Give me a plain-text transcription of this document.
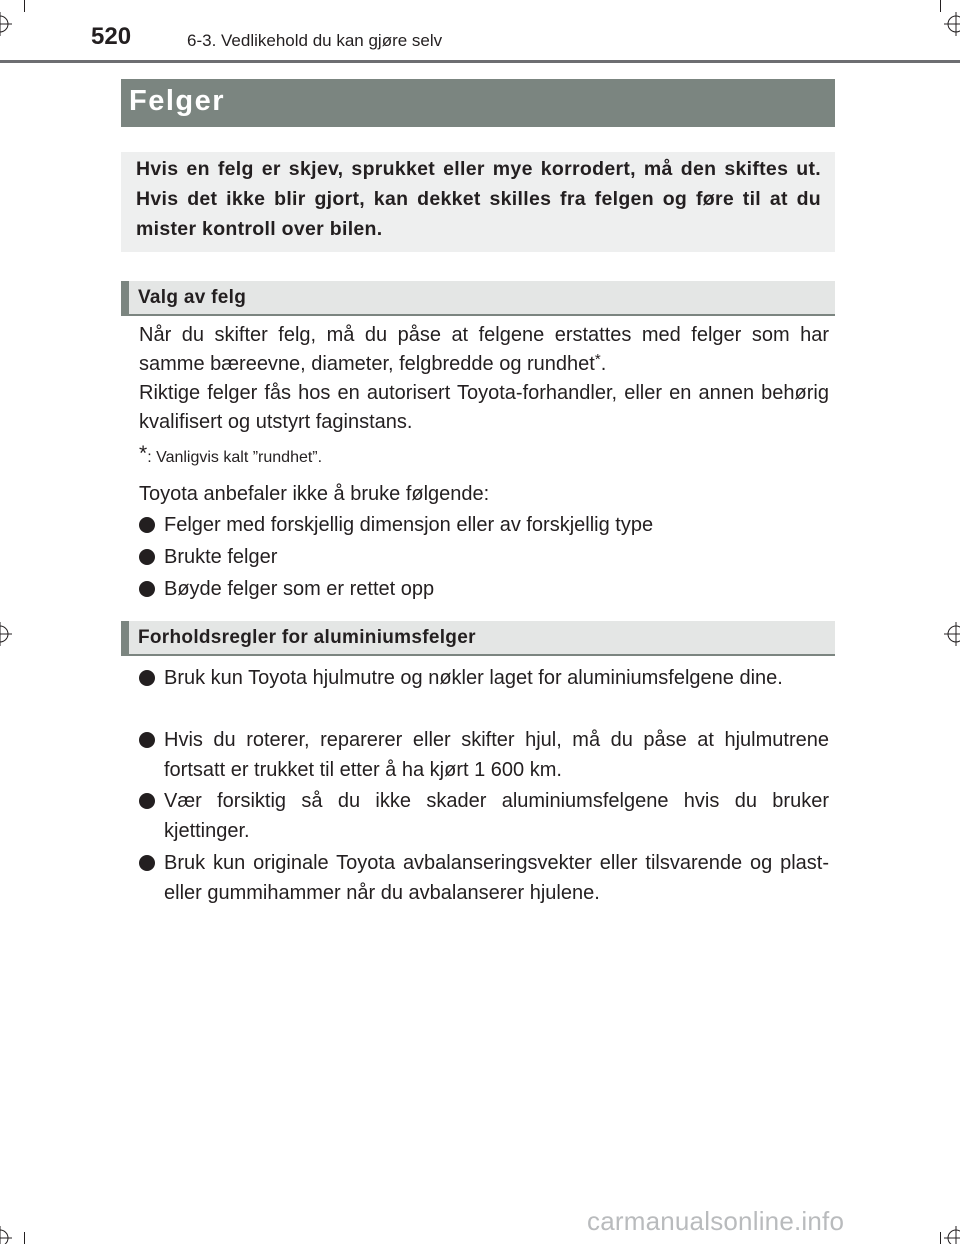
520	6-3. Vedlikehold du kan gjøre selv
Felger
Hvis en felg er skjev, sprukket eller mye korrodert, må den skiftes ut. Hvis det ikke blir gjort, kan dekket skilles fra felgen og føre til at du mister kontroll over bilen.
Valg av felg
Når du skifter felg, må du påse at felgene erstattes med felger som har samme bæreevne, diameter, felgbredde og rundhet*.
Riktige felger fås hos en autorisert Toyota-forhandler, eller en annen behørig kvalifisert og utstyrt faginstans.
*: Vanligvis kalt ”rundhet”.
Toyota anbefaler ikke å bruke følgende:
Felger med forskjellig dimensjon eller av forskjellig type
Brukte felger
Bøyde felger som er rettet opp
Forholdsregler for aluminiumsfelger
Bruk kun Toyota hjulmutre og nøkler laget for aluminiumsfelgene dine.
Hvis du roterer, reparerer eller skifter hjul, må du påse at hjulmutrene fortsatt er trukket til etter å ha kjørt 1 600 km.
Vær forsiktig så du ikke skader aluminiumsfelgene hvis du bruker kjettinger.
Bruk kun originale Toyota avbalanseringsvekter eller tilsvarende og plast- eller gummihammer når du avbalanserer hjulene.
carmanualsonline.info
